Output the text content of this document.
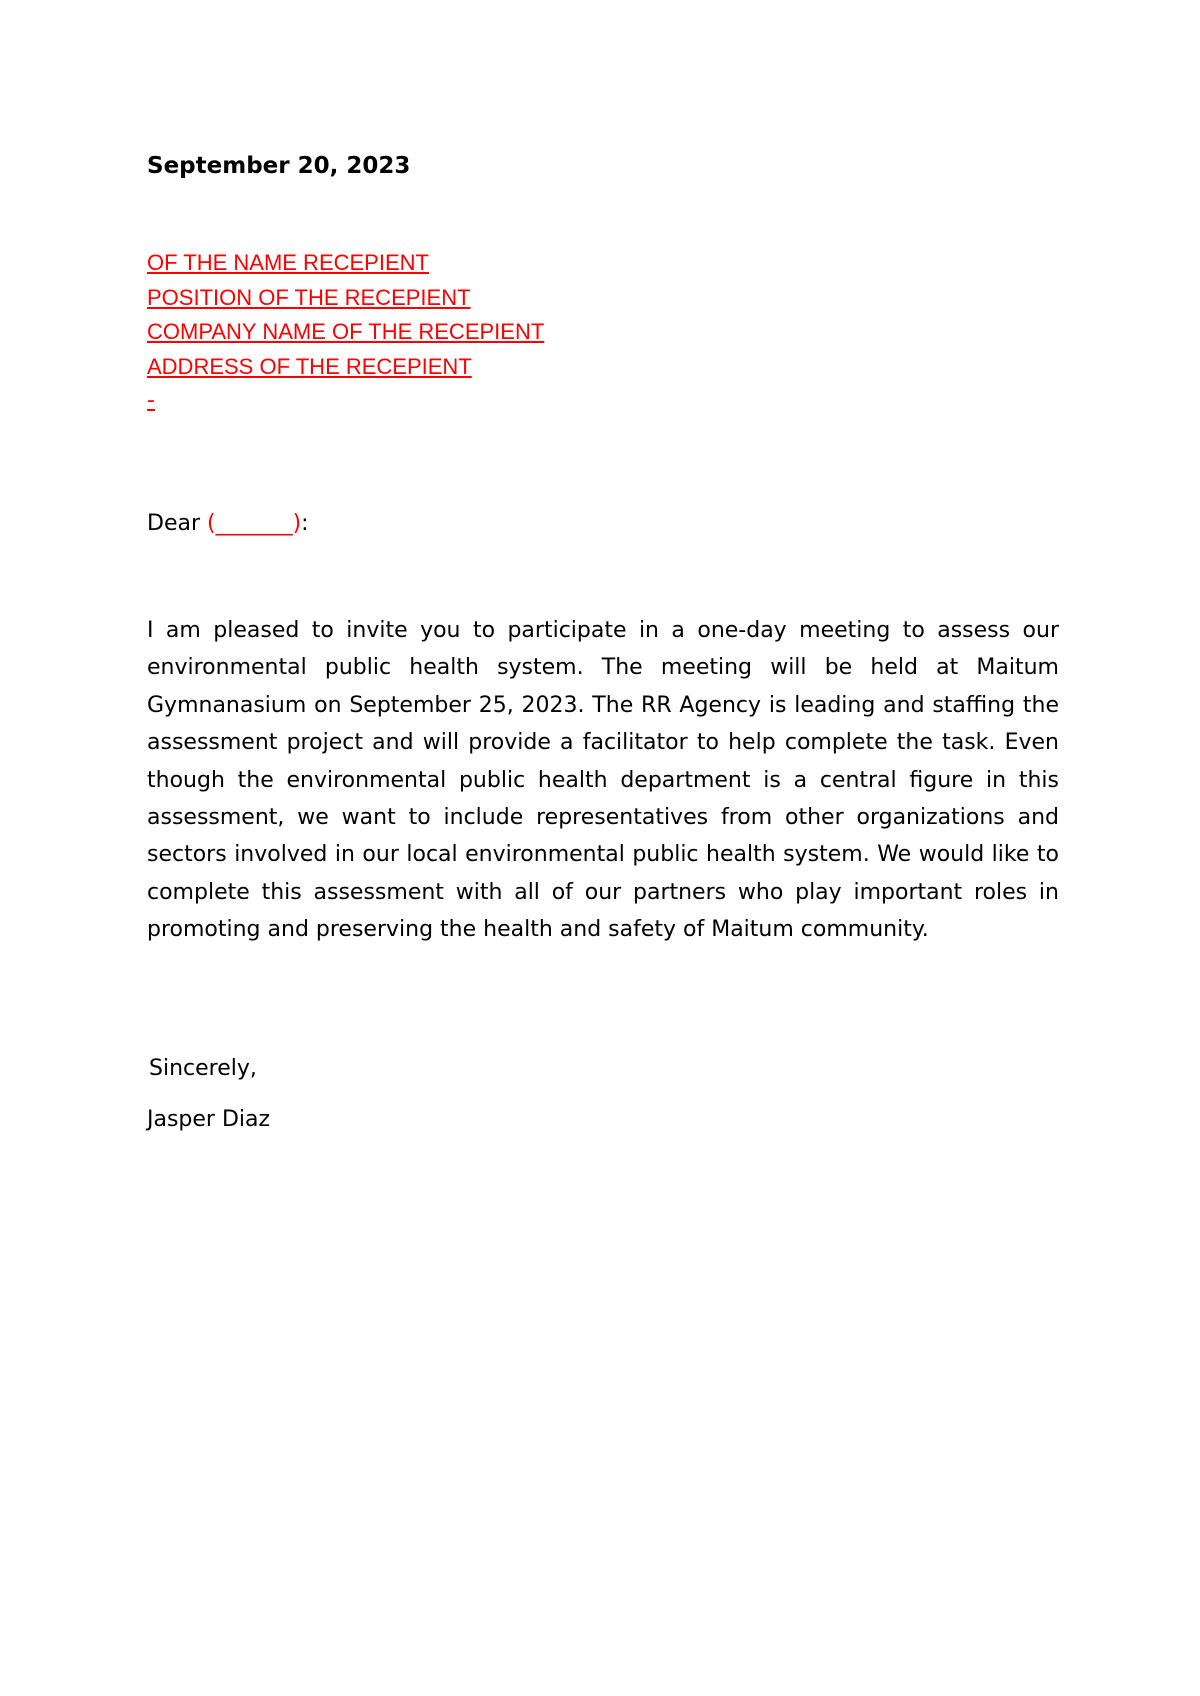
September 20, 2023
OF THE NAME RECEPIENT
POSITION OF THE RECEPIENT
COMPANY NAME OF THE RECEPIENT
ADDRESS OF THE RECEPIENT
-
Dear (_______):
I am pleased to invite you to participate in a one-day meeting to assess our environmental public health system. The meeting will be held at Maitum Gymnanasium on September 25, 2023. The RR Agency is leading and staffing the assessment project and will provide a facilitator to help complete the task. Even though the environmental public health department is a central figure in this assessment, we want to include representatives from other organizations and sectors involved in our local environmental public health system. We would like to complete this assessment with all of our partners who play important roles in promoting and preserving the health and safety of Maitum community.
Sincerely,
Jasper Diaz
